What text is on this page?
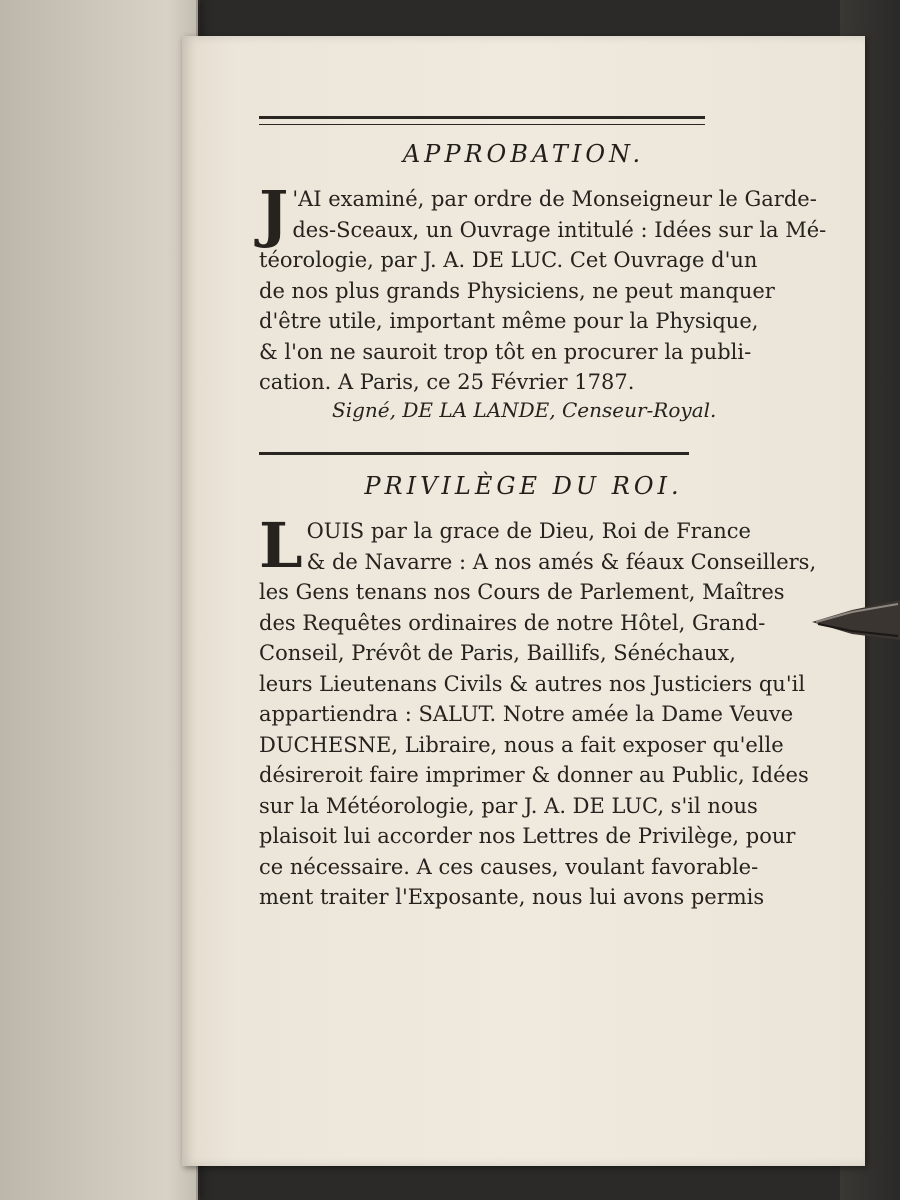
APPROBATION.
J 'AI examiné, par ordre de Monseigneur le Garde-
des-Sceaux, un Ouvrage intitulé : Idées sur la Mé-
téorologie, par J. A. DE LUC. Cet Ouvrage d'un
de nos plus grands Physiciens, ne peut manquer
d'être utile, important même pour la Physique,
& l'on ne sauroit trop tôt en procurer la publi-
cation. A Paris, ce 25 Février 1787.
Signé, DE LA LANDE, Censeur-Royal.
PRIVILÈGE DU ROI.
L OUIS par la grace de Dieu, Roi de France
& de Navarre : A nos amés & féaux Conseillers,
les Gens tenans nos Cours de Parlement, Maîtres
des Requêtes ordinaires de notre Hôtel, Grand-
Conseil, Prévôt de Paris, Baillifs, Sénéchaux,
leurs Lieutenans Civils & autres nos Justiciers qu'il
appartiendra : SALUT. Notre amée la Dame Veuve
DUCHESNE, Libraire, nous a fait exposer qu'elle
désireroit faire imprimer & donner au Public, Idées
sur la Météorologie, par J. A. DE LUC, s'il nous
plaisoit lui accorder nos Lettres de Privilège, pour
ce nécessaire. A ces causes, voulant favorable-
ment traiter l'Exposante, nous lui avons permis
